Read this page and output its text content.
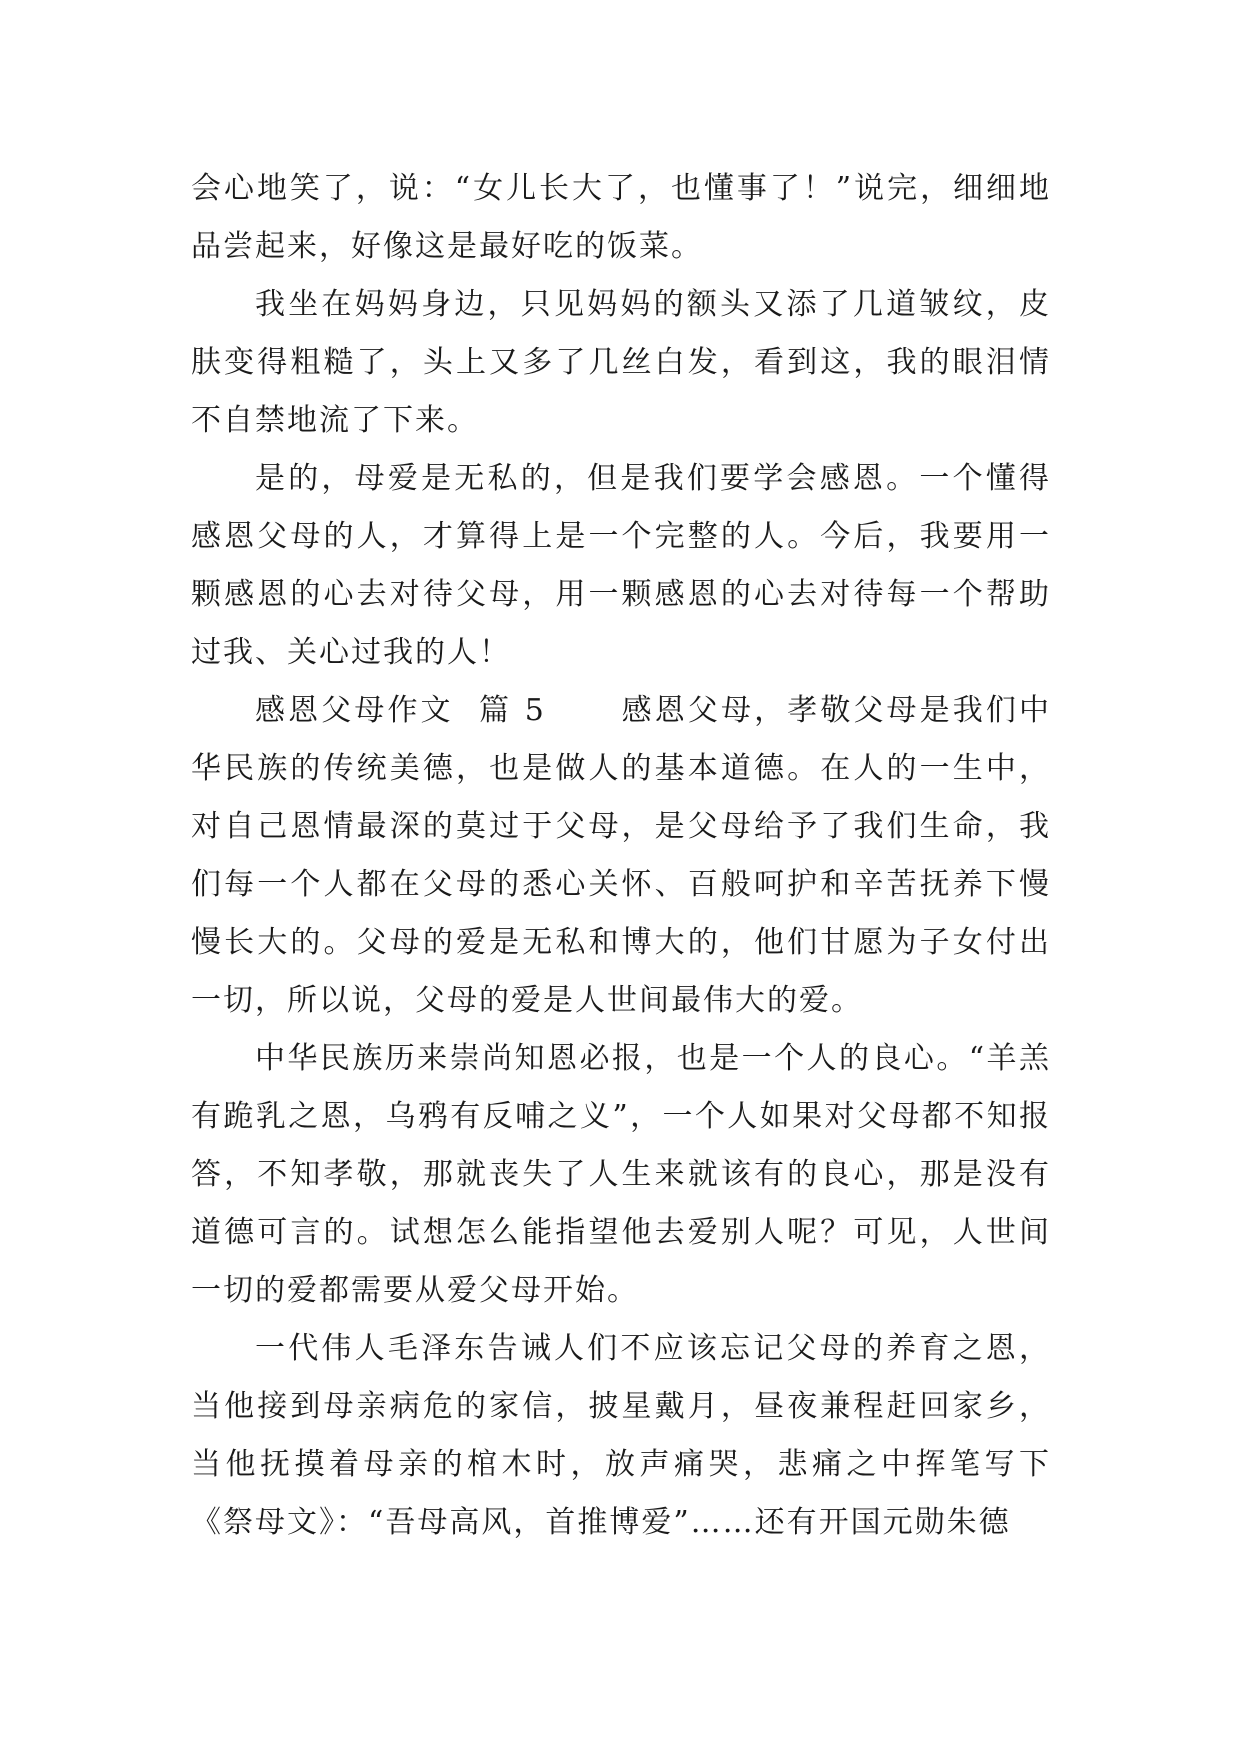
会心地笑了，说：“女儿长大了，也懂事了！”说完，细细地品尝起来，好像这是最好吃的饭菜。

我坐在妈妈身边，只见妈妈的额头又添了几道皱纹，皮肤变得粗糙了，头上又多了几丝白发，看到这，我的眼泪情不自禁地流了下来。

是的，母爱是无私的，但是我们要学会感恩。一个懂得感恩父母的人，才算得上是一个完整的人。今后，我要用一颗感恩的心去对待父母，用一颗感恩的心去对待每一个帮助过我、关心过我的人！

感恩父母作文  篇 5      感恩父母，孝敬父母是我们中华民族的传统美德，也是做人的基本道德。在人的一生中，对自己恩情最深的莫过于父母，是父母给予了我们生命，我们每一个人都在父母的悉心关怀、百般呵护和辛苦抚养下慢慢长大的。父母的爱是无私和博大的，他们甘愿为子女付出一切，所以说，父母的爱是人世间最伟大的爱。

中华民族历来崇尚知恩必报，也是一个人的良心。“羊羔有跪乳之恩，乌鸦有反哺之义”，一个人如果对父母都不知报答，不知孝敬，那就丧失了人生来就该有的良心，那是没有道德可言的。试想怎么能指望他去爱别人呢？可见，人世间一切的爱都需要从爱父母开始。

一代伟人毛泽东告诫人们不应该忘记父母的养育之恩，当他接到母亲病危的家信，披星戴月，昼夜兼程赶回家乡，当他抚摸着母亲的棺木时，放声痛哭，悲痛之中挥笔写下《祭母文》：“吾母高风，首推博爱”……还有开国元勋朱德
